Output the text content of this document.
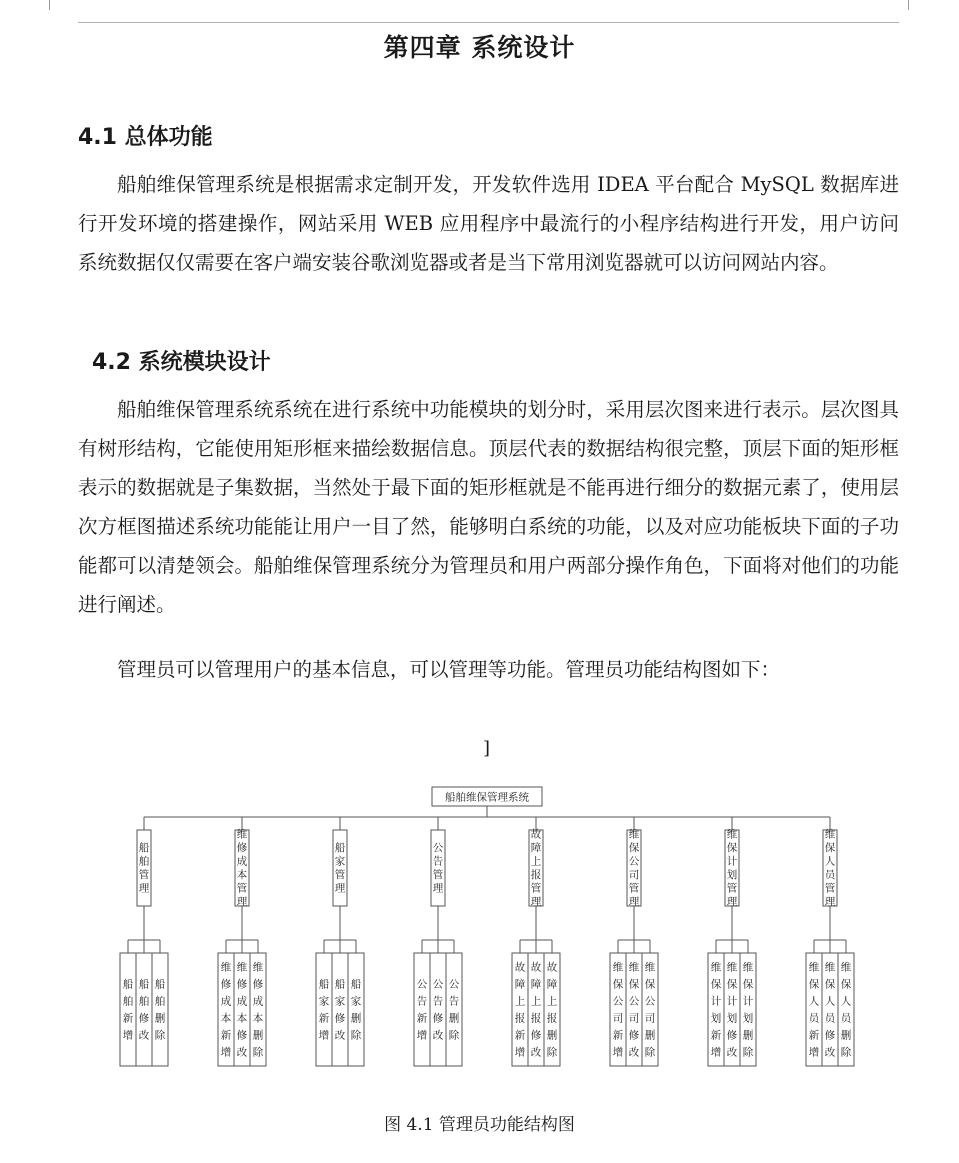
第四章 系统设计
4.1 总体功能

船舶维保管理系统是根据需求定制开发，开发软件选用 IDEA 平台配合 MySQL 数据库进行开发环境的搭建操作，网站采用 WEB 应用程序中最流行的小程序结构进行开发，用户访问系统数据仅仅需要在客户端安装谷歌浏览器或者是当下常用浏览器就可以访问网站内容。

4.2 系统模块设计

船舶维保管理系统系统在进行系统中功能模块的划分时，采用层次图来进行表示。层次图具有树形结构，它能使用矩形框来描绘数据信息。顶层代表的数据结构很完整，顶层下面的矩形框表示的数据就是子集数据，当然处于最下面的矩形框就是不能再进行细分的数据元素了，使用层次方框图描述系统功能能让用户一目了然，能够明白系统的功能，以及对应功能板块下面的子功能都可以清楚领会。船舶维保管理系统分为管理员和用户两部分操作角色，下面将对他们的功能进行阐述。

管理员可以管理用户的基本信息，可以管理等功能。管理员功能结构图如下：

]
船舶维保管理系统
船舶管理
船舶新增
船舶修改
船舶删除
维修成本管理
维修成本新增
维修成本修改
维修成本删除
船家管理
船家新增
船家修改
船家删除
公告管理
公告新增
公告修改
公告删除
故障上报管理
故障上报新增
故障上报修改
故障上报删除
维保公司管理
维保公司新增
维保公司修改
维保公司删除
维保计划管理
维保计划新增
维保计划修改
维保计划删除
维保人员管理
维保人员新增
维保人员修改
维保人员删除
图 4.1 管理员功能结构图
